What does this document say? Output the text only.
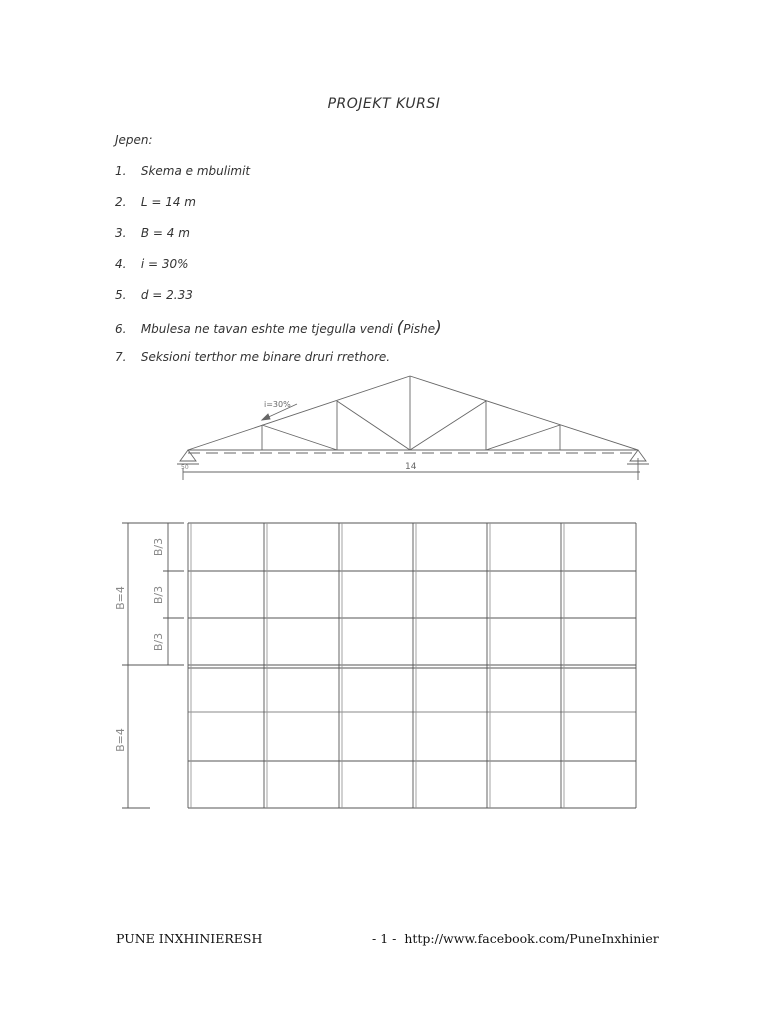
PROJEKT KURSI
Jepen:
1. Skema e mbulimit
2. L = 14 m
3. B = 4 m
4. i = 30%
5. d = 2.33
6. Mbulesa ne tavan eshte me tjegulla vendi (Pishe)
7. Seksioni terthor me binare druri rrethore.
i=30%
14
50
B=4
B=4
B/3
B/3
B/3
PUNE INXHINIERESH	- 1 - http://www.facebook.com/PuneInxhinier
